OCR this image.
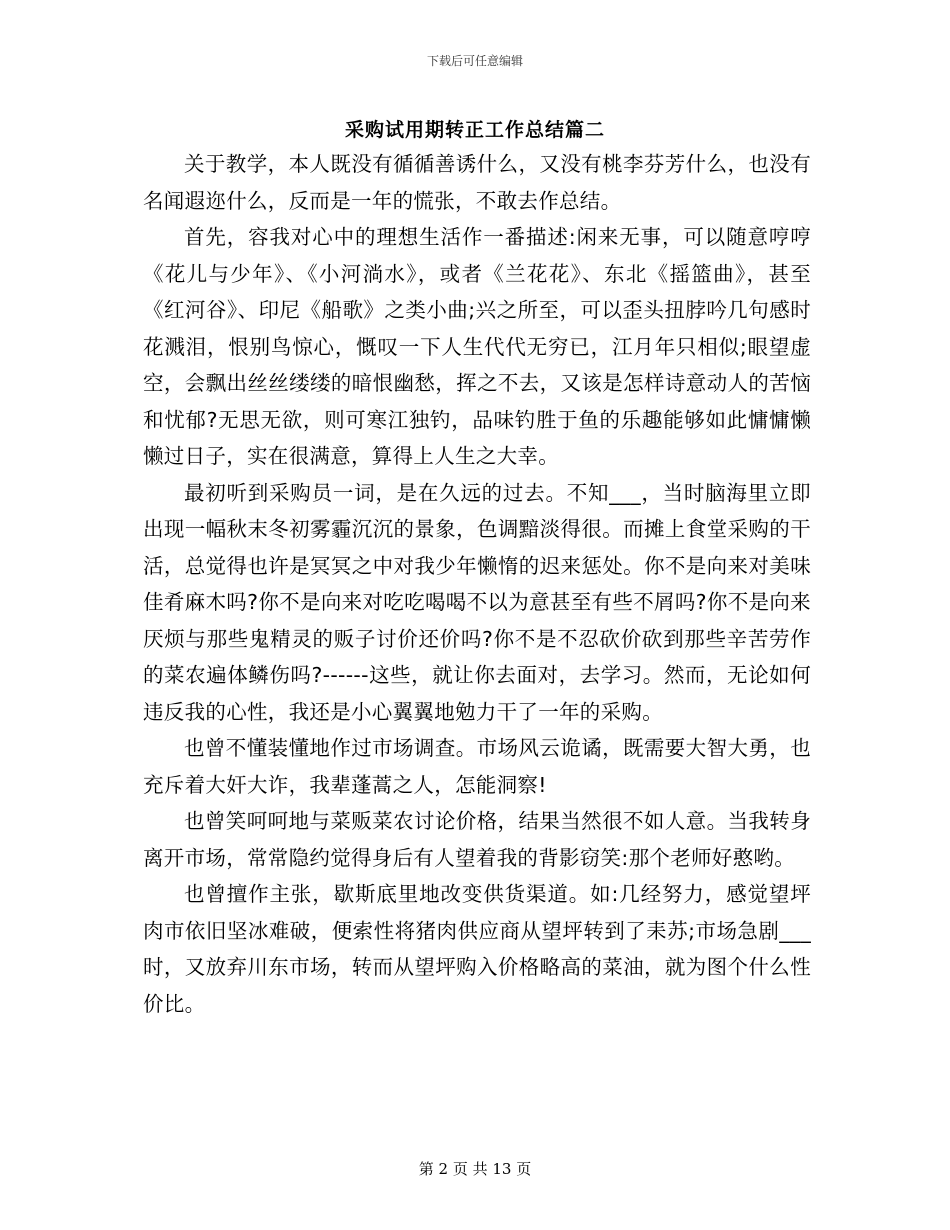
下载后可任意编辑
采购试用期转正工作总结篇二

关于教学，本人既没有循循善诱什么，又没有桃李芬芳什么，也没有名闻遐迩什么，反而是一年的慌张，不敢去作总结。

首先，容我对心中的理想生活作一番描述:闲来无事，可以随意哼哼《花儿与少年》、《小河淌水》，或者《兰花花》、东北《摇篮曲》，甚至《红河谷》、印尼《船歌》之类小曲;兴之所至，可以歪头扭脖吟几句感时花溅泪，恨别鸟惊心，慨叹一下人生代代无穷已，江月年只相似;眼望虚空，会飘出丝丝缕缕的暗恨幽愁，挥之不去，又该是怎样诗意动人的苦恼和忧郁?无思无欲，则可寒江独钓，品味钓胜于鱼的乐趣能够如此慵慵懒懒过日子，实在很满意，算得上人生之大幸。

最初听到采购员一词，是在久远的过去。不知___，当时脑海里立即出现一幅秋末冬初雾霾沉沉的景象，色调黯淡得很。而摊上食堂采购的干活，总觉得也许是冥冥之中对我少年懒惰的迟来惩处。你不是向来对美味佳肴麻木吗?你不是向来对吃吃喝喝不以为意甚至有些不屑吗?你不是向来厌烦与那些鬼精灵的贩子讨价还价吗?你不是不忍砍价砍到那些辛苦劳作的菜农遍体鳞伤吗?------这些，就让你去面对，去学习。然而，无论如何违反我的心性，我还是小心翼翼地勉力干了一年的采购。

也曾不懂装懂地作过市场调查。市场风云诡谲，既需要大智大勇，也充斥着大奸大诈，我辈蓬蒿之人，怎能洞察!

也曾笑呵呵地与菜贩菜农讨论价格，结果当然很不如人意。当我转身离开市场，常常隐约觉得身后有人望着我的背影窃笑:那个老师好憨哟。

也曾擅作主张，歇斯底里地改变供货渠道。如:几经努力，感觉望坪肉市依旧坚冰难破，便索性将猪肉供应商从望坪转到了耒苏;市场急剧___时，又放弃川东市场，转而从望坪购入价格略高的菜油，就为图个什么性价比。

第 2 页 共 13 页
